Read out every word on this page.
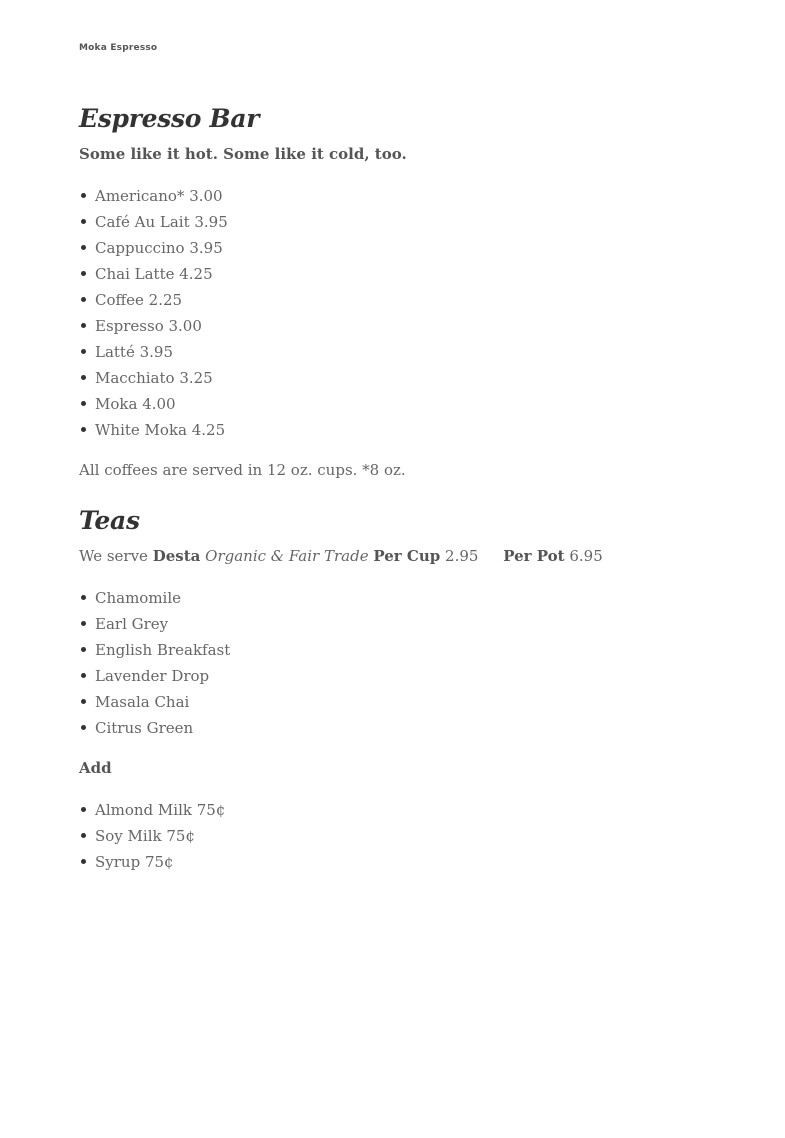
Moka Espresso
Espresso Bar

Some like it hot. Some like it cold, too.

Americano* 3.00
Café Au Lait 3.95
Cappuccino 3.95
Chai Latte 4.25
Coffee 2.25
Espresso 3.00
Latté 3.95
Macchiato 3.25
Moka 4.00
White Moka 4.25

All coffees are served in 12 oz. cups. *8 oz.

Teas

We serve Desta Organic & Fair Trade Per Cup 2.95 Per Pot 6.95

Chamomile
Earl Grey
English Breakfast
Lavender Drop
Masala Chai
Citrus Green

Add

Almond Milk 75¢
Soy Milk 75¢
Syrup 75¢
